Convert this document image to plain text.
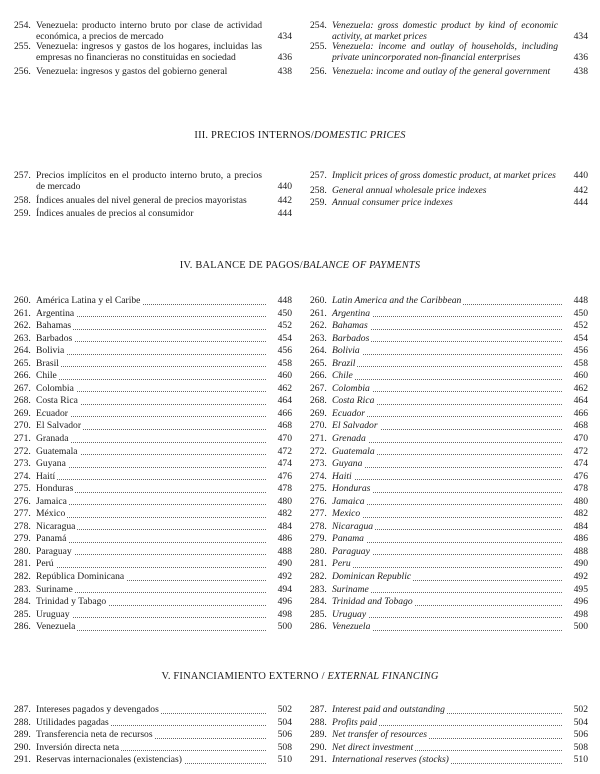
254. Venezuela: producto interno bruto por clase de actividad económica, a precios de mercado	434
255. Venezuela: ingresos y gastos de los hogares, incluidas las empresas no financieras no constituidas en sociedad	436
256. Venezuela: ingresos y gastos del gobierno general	438
254. Venezuela: gross domestic product by kind of economic activity, at market prices	434
255. Venezuela: income and outlay of households, including private unincorporated non-financial enterprises	436
256. Venezuela: income and outlay of the general government	438
III. PRECIOS INTERNOS/DOMESTIC PRICES
257. Precios implícitos en el producto interno bruto, a precios de mercado	440
258. Índices anuales del nivel general de precios mayoristas	442
259. Índices anuales de precios al consumidor	444
257. Implicit prices of gross domestic product, at market prices	440
258. General annual wholesale price indexes	442
259. Annual consumer price indexes	444
IV. BALANCE DE PAGOS/BALANCE OF PAYMENTS
260. América Latina y el Caribe	448
261. Argentina	450
262. Bahamas	452
263. Barbados	454
264. Bolivia	456
265. Brasil	458
266. Chile	460
267. Colombia	462
268. Costa Rica	464
269. Ecuador	466
270. El Salvador	468
271. Granada	470
272. Guatemala	472
273. Guyana	474
274. Haití	476
275. Honduras	478
276. Jamaica	480
277. México	482
278. Nicaragua	484
279. Panamá	486
280. Paraguay	488
281. Perú	490
282. República Dominicana	492
283. Suriname	494
284. Trinidad y Tabago	496
285. Uruguay	498
286. Venezuela	500
260. Latin America and the Caribbean	448
261. Argentina	450
262. Bahamas	452
263. Barbados	454
264. Bolivia	456
265. Brazil	458
266. Chile	460
267. Colombia	462
268. Costa Rica	464
269. Ecuador	466
270. El Salvador	468
271. Grenada	470
272. Guatemala	472
273. Guyana	474
274. Haiti	476
275. Honduras	478
276. Jamaica	480
277. Mexico	482
278. Nicaragua	484
279. Panama	486
280. Paraguay	488
281. Peru	490
282. Dominican Republic	492
283. Suriname	495
284. Trinidad and Tobago	496
285. Uruguay	498
286. Venezuela	500
V. FINANCIAMIENTO EXTERNO / EXTERNAL FINANCING
287. Intereses pagados y devengados	502
288. Utilidades pagadas	504
289. Transferencia neta de recursos	506
290. Inversión directa neta	508
291. Reservas internacionales (existencias)	510
287. Interest paid and outstanding	502
288. Profits paid	504
289. Net transfer of resources	506
290. Net direct investment	508
291. International reserves (stocks)	510
